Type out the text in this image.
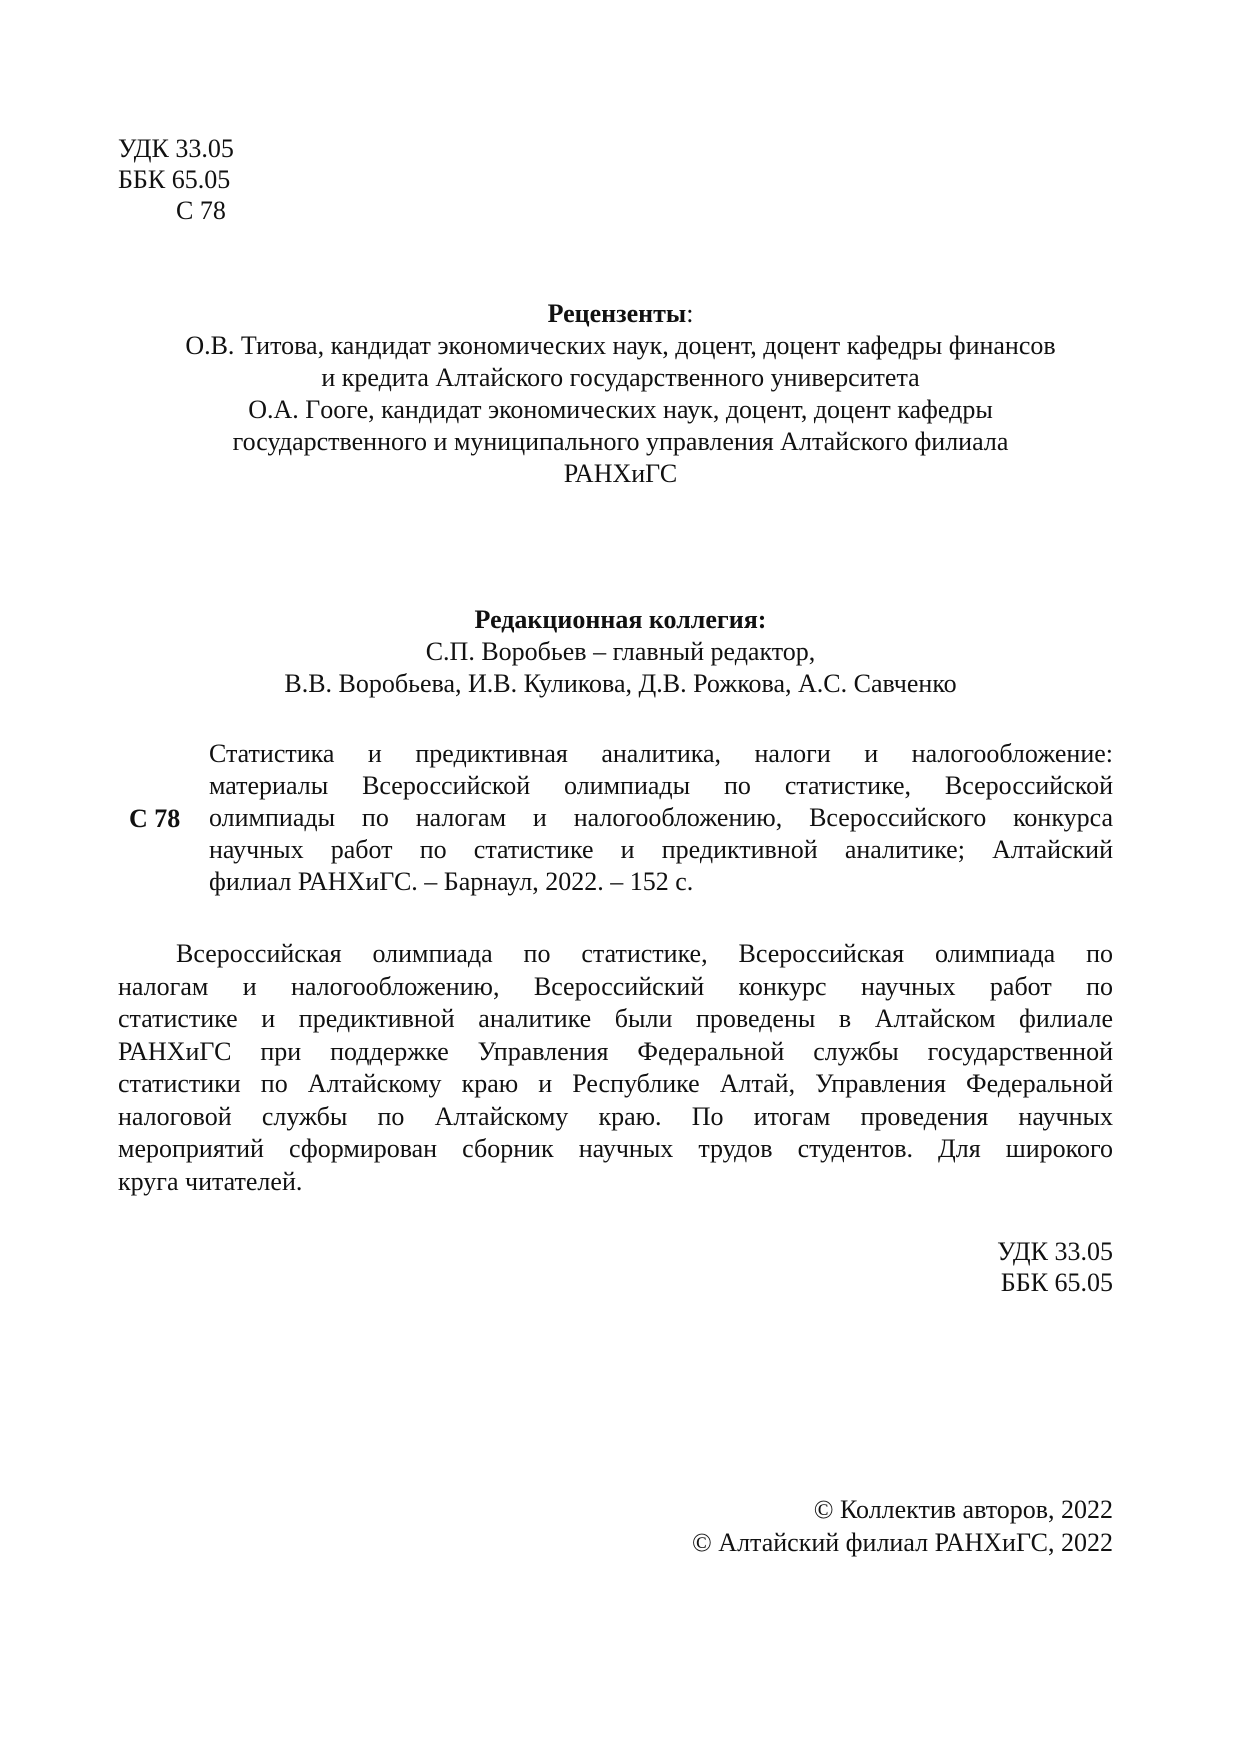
УДК 33.05
ББК 65.05
С 78
Рецензенты:
О.В. Титова, кандидат экономических наук, доцент, доцент кафедры финансов
и кредита Алтайского государственного университета
О.А. Гooге, кандидат экономических наук, доцент, доцент кафедры
государственного и муниципального управления Алтайского филиала
РАНХиГС
Редакционная коллегия:
С.П. Воробьев – главный редактор,
В.В. Воробьева, И.В. Куликова, Д.В. Рожкова, А.С. Савченко
С 78
Статистика и предиктивная аналитика, налоги и налогообложение:
материалы Всероссийской олимпиады по статистике, Всероссийской
олимпиады по налогам и налогообложению, Всероссийского конкурса
научных работ по статистике и предиктивной аналитике; Алтайский
филиал РАНХиГС. – Барнаул, 2022. – 152 с.
Всероссийская олимпиада по статистике, Всероссийская олимпиада по
налогам и налогообложению, Всероссийский конкурс научных работ по
статистике и предиктивной аналитике были проведены в Алтайском филиале
РАНХиГС при поддержке Управления Федеральной службы государственной
статистики по Алтайскому краю и Республике Алтай, Управления Федеральной
налоговой службы по Алтайскому краю. По итогам проведения научных
мероприятий сформирован сборник научных трудов студентов. Для широкого
круга читателей.
УДК 33.05
ББК 65.05
© Коллектив авторов, 2022
© Алтайский филиал РАНХиГС, 2022
